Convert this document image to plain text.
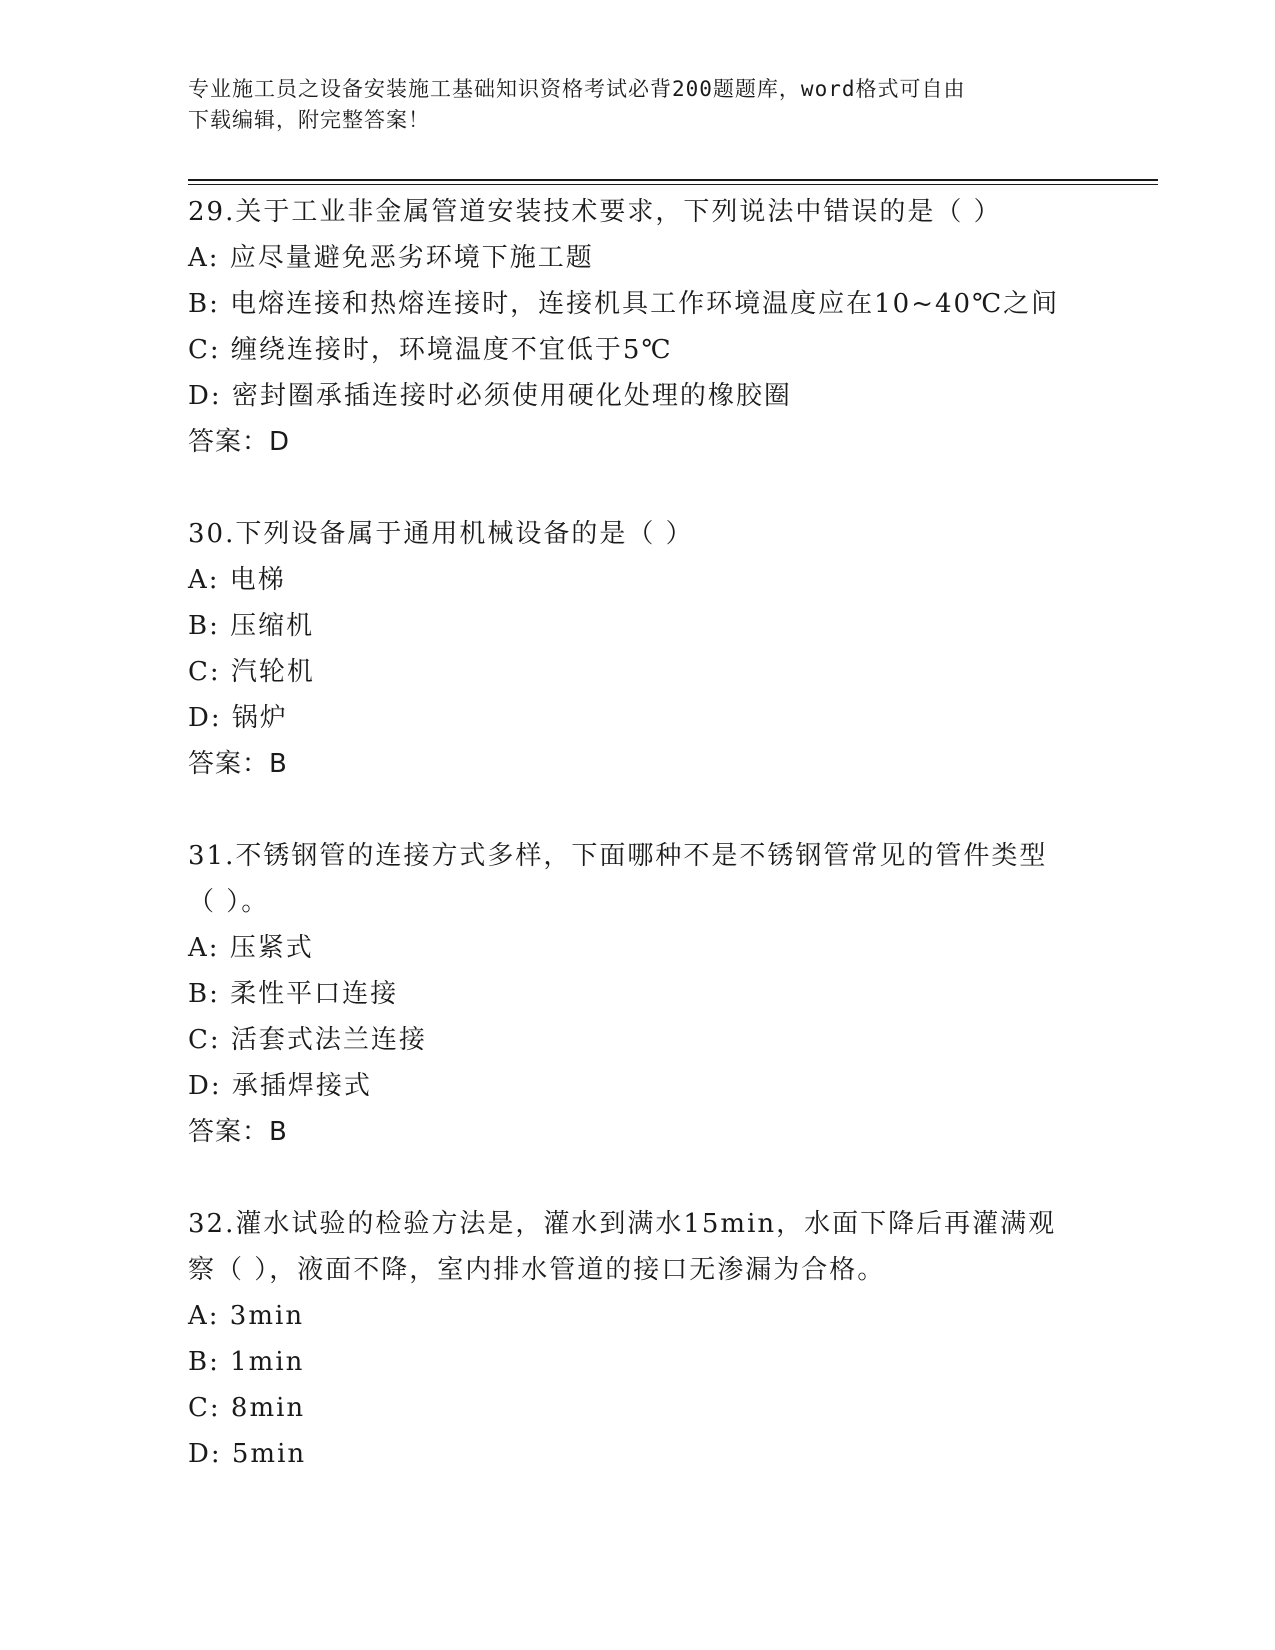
专业施工员之设备安装施工基础知识资格考试必背200题题库，word格式可自由
下载编辑，附完整答案！
29.关于工业非金属管道安装技术要求，下列说法中错误的是（ ）
A: 应尽量避免恶劣环境下施工题
B: 电熔连接和热熔连接时，连接机具工作环境温度应在10~40℃之间
C: 缠绕连接时，环境温度不宜低于5℃
D: 密封圈承插连接时必须使用硬化处理的橡胶圈
答案：D
30.下列设备属于通用机械设备的是（ ）
A: 电梯
B: 压缩机
C: 汽轮机
D: 锅炉
答案：B
31.不锈钢管的连接方式多样，下面哪种不是不锈钢管常见的管件类型
（ ）。
A: 压紧式
B: 柔性平口连接
C: 活套式法兰连接
D: 承插焊接式
答案：B
32.灌水试验的检验方法是，灌水到满水15min，水面下降后再灌满观
察（ ），液面不降，室内排水管道的接口无渗漏为合格。
A: 3min
B: 1min
C: 8min
D: 5min
